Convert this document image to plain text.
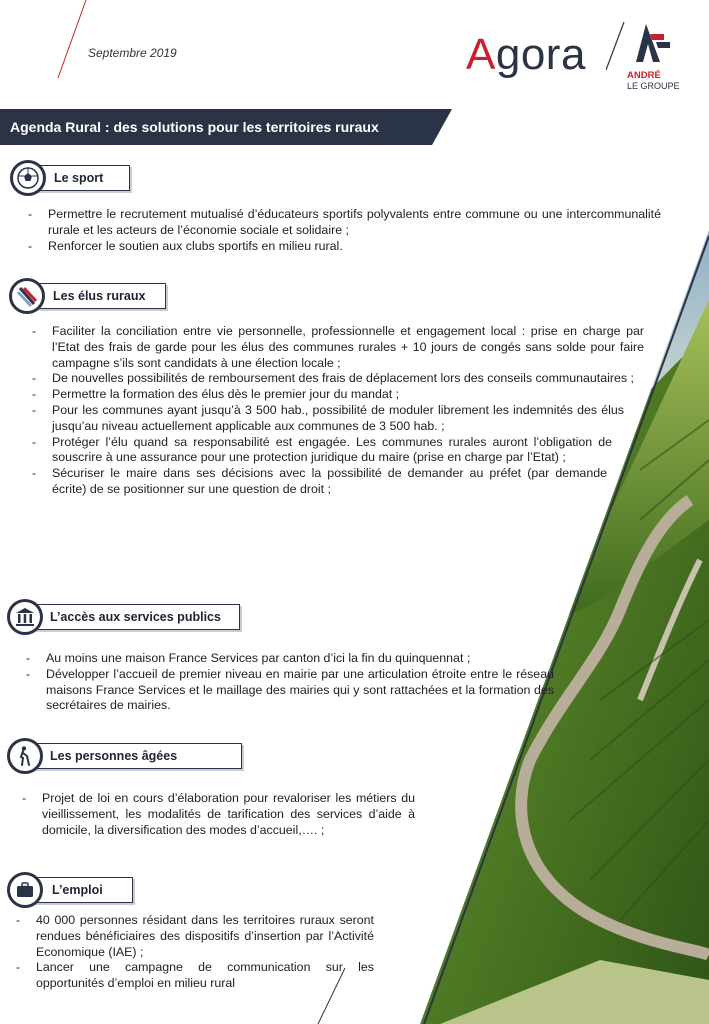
Septembre 2019	Agora	ANDRÉ
LE GROUPE
Agenda Rural : des solutions pour les territoires ruraux
Le sport
- Permettre le recrutement mutualisé d’éducateurs sportifs polyvalents entre commune ou une intercommunalité rurale et les acteurs de l’économie sociale et solidaire ;
- Renforcer le soutien aux clubs sportifs en milieu rural.
Les élus ruraux
- Faciliter la conciliation entre vie personnelle, professionnelle et engagement local : prise en charge par l’Etat des frais de garde pour les élus des communes rurales + 10 jours de congés sans solde pour faire campagne s’ils sont candidats à une élection locale ;
- De nouvelles possibilités de remboursement des frais de déplacement lors des conseils communautaires ;
- Permettre la formation des élus dès le premier jour du mandat ;
- Pour les communes ayant jusqu’à 3 500 hab., possibilité de moduler librement les indemnités des élus jusqu’au niveau actuellement applicable aux communes de 3 500 hab. ;
- Protéger l’élu quand sa responsabilité est engagée. Les communes rurales auront l’obligation de souscrire à une assurance pour une protection juridique du maire (prise en charge par l’Etat) ;
- Sécuriser le maire dans ses décisions avec la possibilité de demander au préfet (par demande écrite) de se positionner sur une question de droit ;
L’accès aux services publics
- Au moins une maison France Services par canton d’ici la fin du quinquennat ;
- Développer l’accueil de premier niveau en mairie par une articulation étroite entre le réseau maisons France Services et le maillage des mairies qui y sont rattachées et la formation des secrétaires de mairies.
Les personnes âgées
- Projet de loi en cours d’élaboration pour revaloriser les métiers du vieillissement, les modalités de tarification des services d’aide à domicile, la diversification des modes d’accueil,…. ;
L’emploi
- 40 000 personnes résidant dans les territoires ruraux seront rendues bénéficiaires des dispositifs d’insertion par l’Activité Economique (IAE) ;
- Lancer une campagne de communication sur les opportunités d’emploi en milieu rural
